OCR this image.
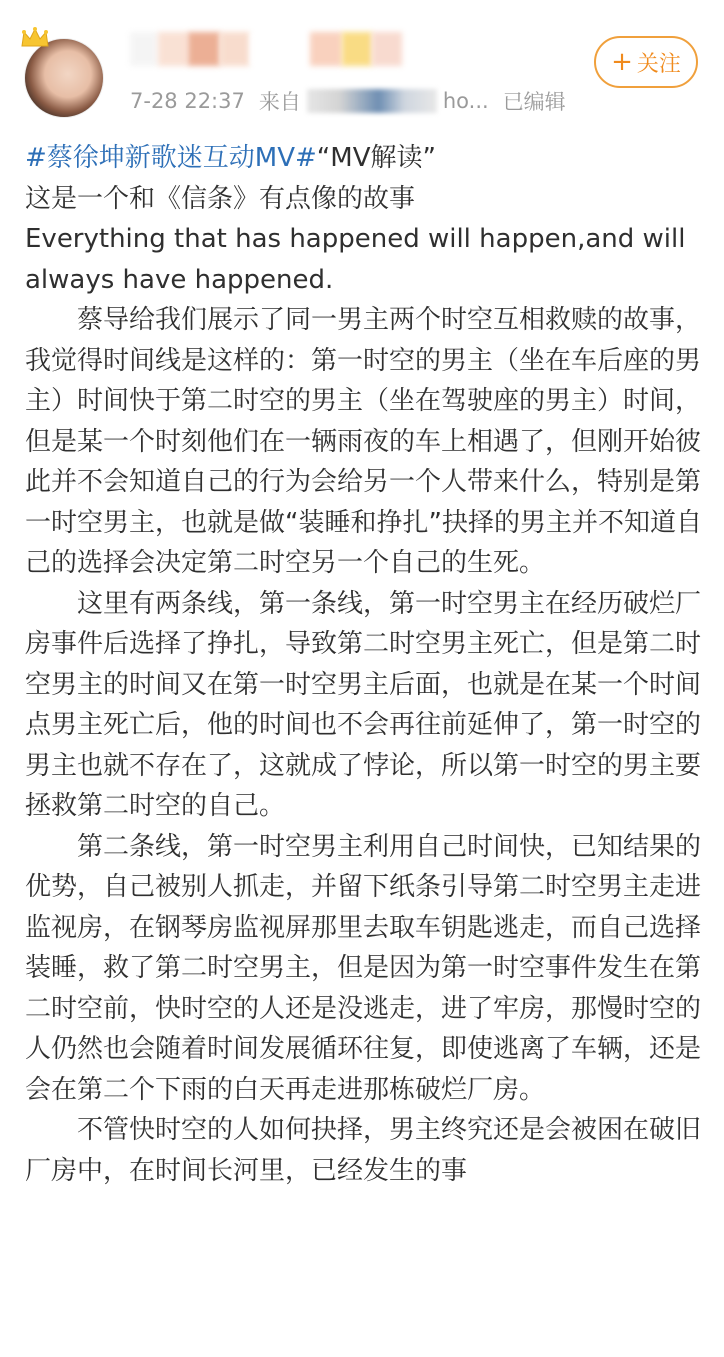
7-28 22:37 来自	ho... 已编辑
+ 关注

#蔡徐坤新歌迷互动MV#“MV解读”

这是一个和《信条》有点像的故事

Everything that has happened will happen,and will always have happened.

蔡导给我们展示了同一男主两个时空互相救赎的故事，我觉得时间线是这样的：第一时空的男主（坐在车后座的男主）时间快于第二时空的男主（坐在驾驶座的男主）时间，但是某一个时刻他们在一辆雨夜的车上相遇了，但刚开始彼此并不会知道自己的行为会给另一个人带来什么，特别是第一时空男主，也就是做“装睡和挣扎”抉择的男主并不知道自己的选择会决定第二时空另一个自己的生死。

这里有两条线，第一条线，第一时空男主在经历破烂厂房事件后选择了挣扎，导致第二时空男主死亡，但是第二时空男主的时间又在第一时空男主后面，也就是在某一个时间点男主死亡后，他的时间也不会再往前延伸了，第一时空的男主也就不存在了，这就成了悖论，所以第一时空的男主要拯救第二时空的自己。

第二条线，第一时空男主利用自己时间快，已知结果的优势，自己被别人抓走，并留下纸条引导第二时空男主走进监视房，在钢琴房监视屏那里去取车钥匙逃走，而自己选择装睡，救了第二时空男主，但是因为第一时空事件发生在第二时空前，快时空的人还是没逃走，进了牢房，那慢时空的人仍然也会随着时间发展循环往复，即使逃离了车辆，还是会在第二个下雨的白天再走进那栋破烂厂房。

不管快时空的人如何抉择，男主终究还是会被困在破旧厂房中，在时间长河里，已经发生的事
